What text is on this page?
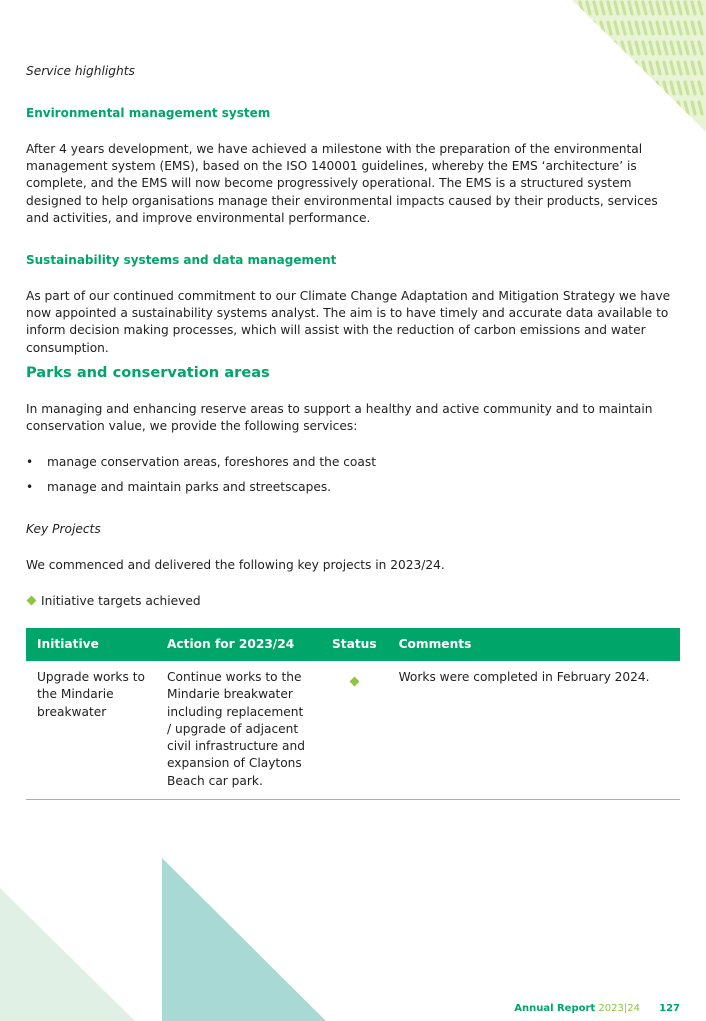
Service highlights

Environmental management system

After 4 years development, we have achieved a milestone with the preparation of the environmental management system (EMS), based on the ISO 140001 guidelines, whereby the EMS ‘architecture’ is complete, and the EMS will now become progressively operational. The EMS is a structured system designed to help organisations manage their environmental impacts caused by their products, services and activities, and improve environmental performance.

Sustainability systems and data management

As part of our continued commitment to our Climate Change Adaptation and Mitigation Strategy we have now appointed a sustainability systems analyst. The aim is to have timely and accurate data available to inform decision making processes, which will assist with the reduction of carbon emissions and water consumption.

Parks and conservation areas

In managing and enhancing reserve areas to support a healthy and active community and to maintain conservation value, we provide the following services:

• manage conservation areas, foreshores and the coast
• manage and maintain parks and streetscapes.

Key Projects

We commenced and delivered the following key projects in 2023/24.

Initiative targets achieved

Initiative	Action for 2023/24	Status	Comments
Upgrade works to the Mindarie breakwater	Continue works to the Mindarie breakwater including replacement / upgrade of adjacent civil infrastructure and expansion of Claytons Beach car park.		Works were completed in February 2024.
Annual Report 2023|24 127
